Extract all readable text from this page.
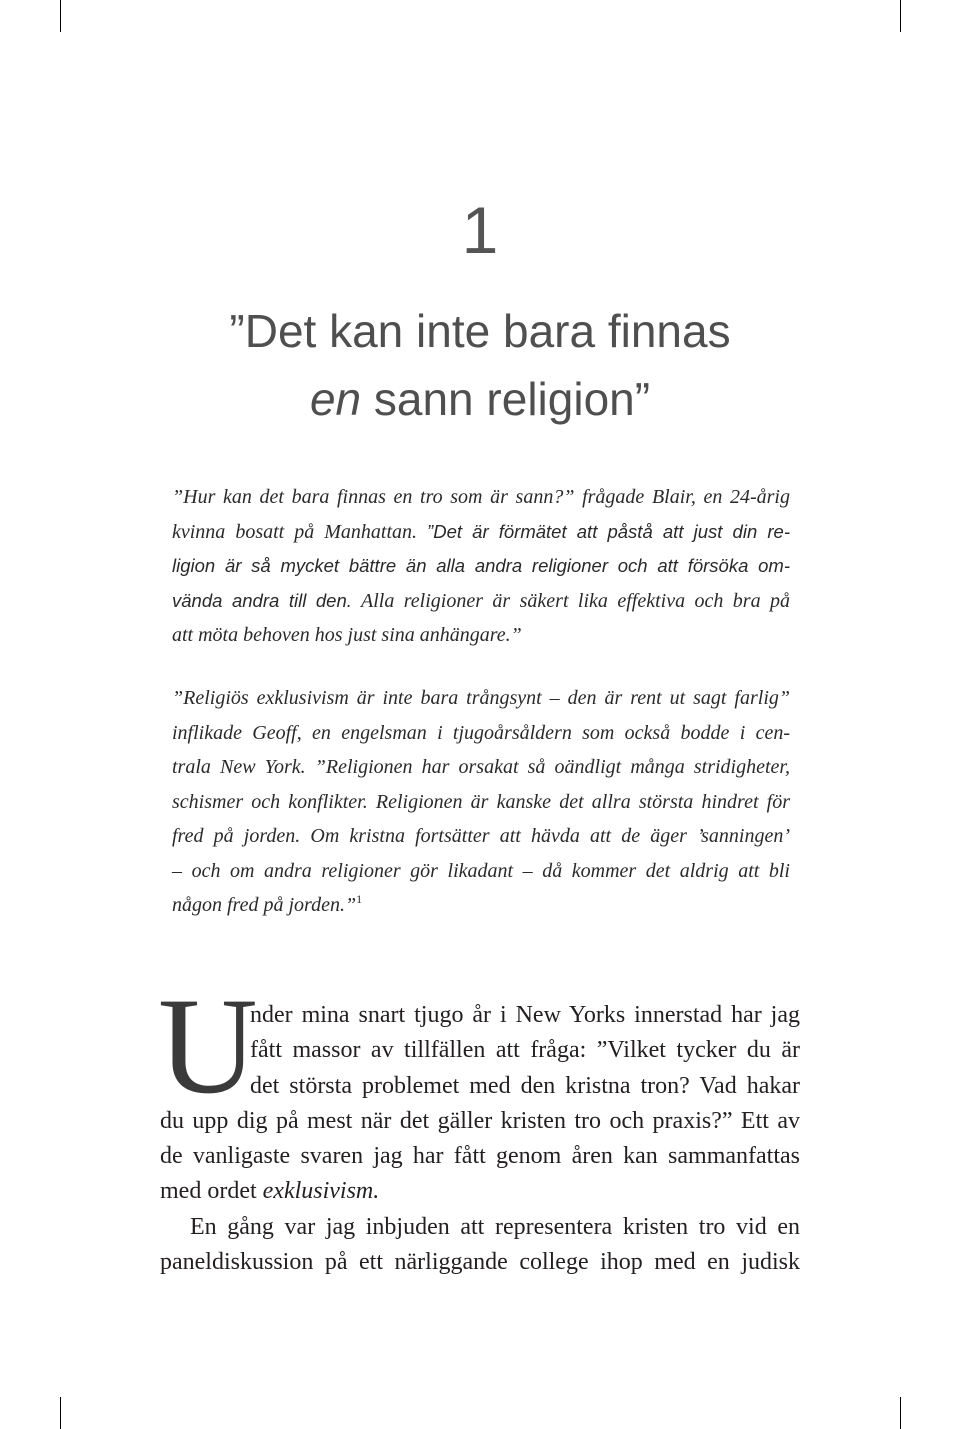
1
”Det kan inte bara finnas
en sann religion”
”Hur kan det bara finnas en tro som är sann?” frågade Blair, en 24-årig
kvinna bosatt på Manhattan. ”Det är förmätet att påstå att just din re-
ligion är så mycket bättre än alla andra religioner och att försöka om-
vända andra till den. Alla religioner är säkert lika effektiva och bra på
att möta behoven hos just sina anhängare.”
”Religiös exklusivism är inte bara trångsynt – den är rent ut sagt farlig”
inflikade Geoff, en engelsman i tjugoårsåldern som också bodde i cen-
trala New York. ”Religionen har orsakat så oändligt många stridigheter,
schismer och konflikter. Religionen är kanske det allra största hindret för
fred på jorden. Om kristna fortsätter att hävda att de äger ’sanningen’
– och om andra religioner gör likadant – då kommer det aldrig att bli
någon fred på jorden.”$^1$
U
nder mina snart tjugo år i New Yorks innerstad har jag
fått massor av tillfällen att fråga: ”Vilket tycker du är
det största problemet med den kristna tron? Vad hakar
du upp dig på mest när det gäller kristen tro och praxis?” Ett av
de vanligaste svaren jag har fått genom åren kan sammanfattas
med ordet exklusivism.
En gång var jag inbjuden att representera kristen tro vid en
paneldiskussion på ett närliggande college ihop med en judisk
